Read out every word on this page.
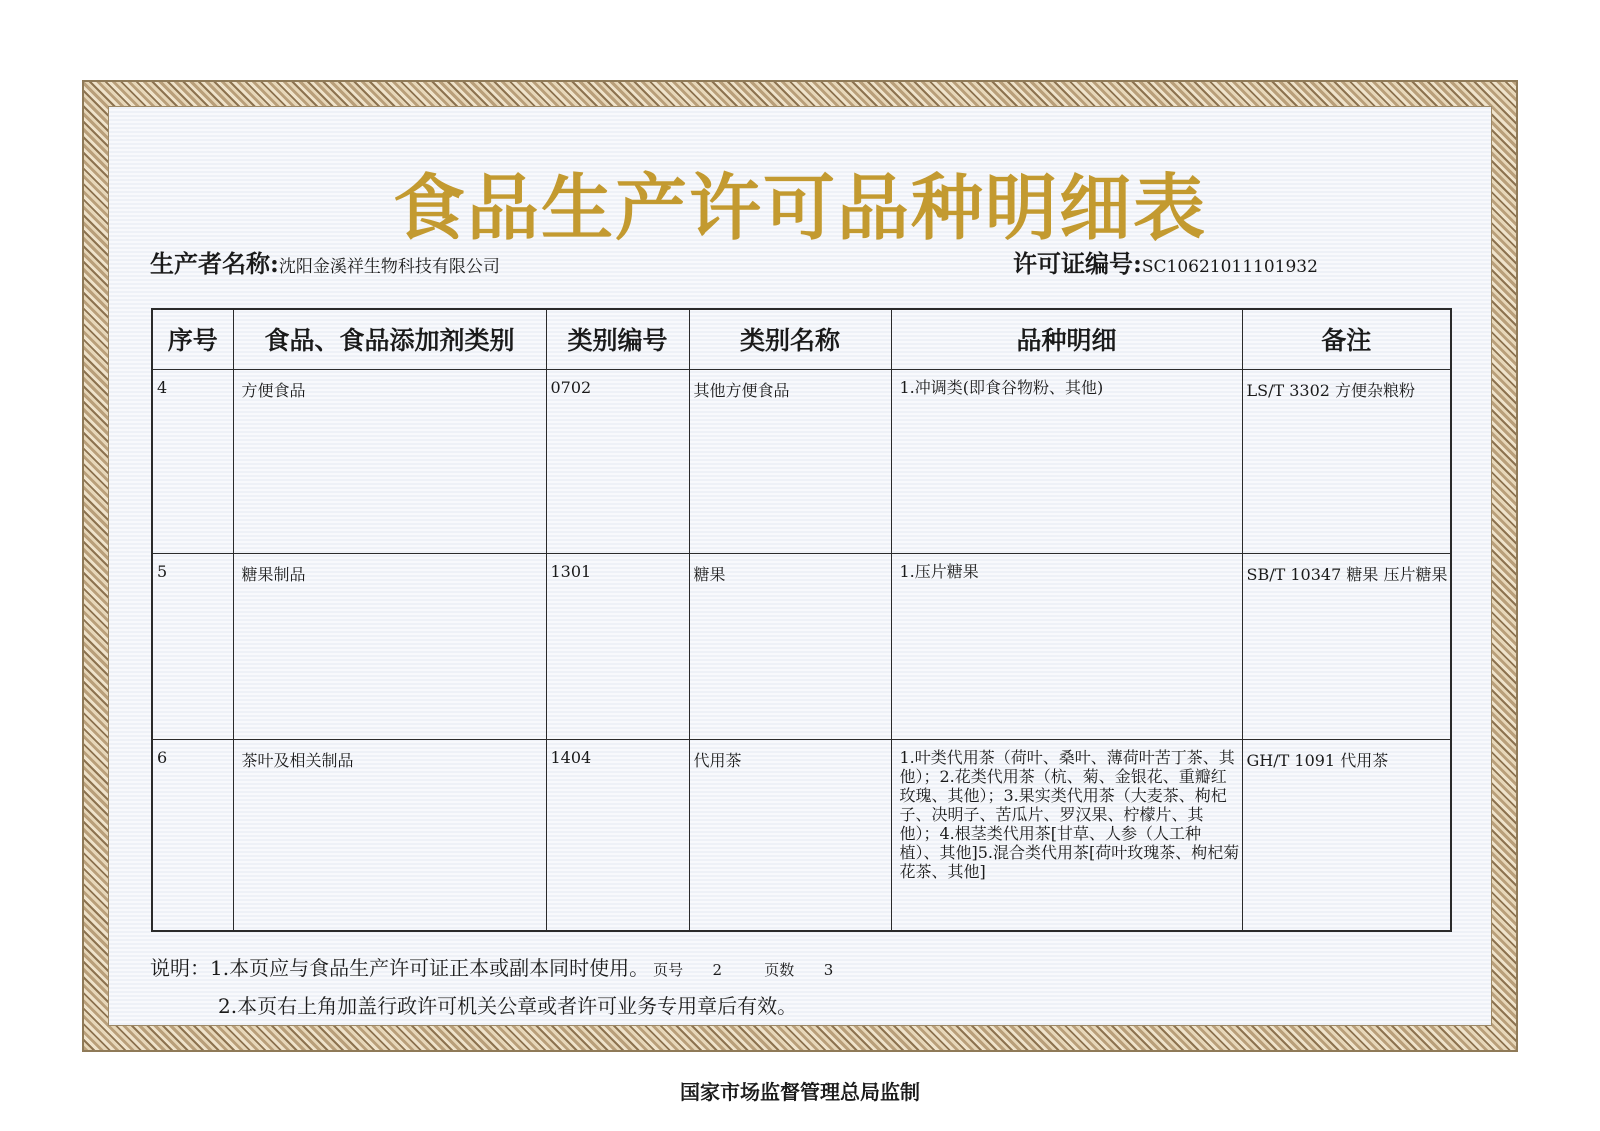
食品生产许可品种明细表
生产者名称:沈阳金溪祥生物科技有限公司	许可证编号:SC10621011101932
序号	食品、食品添加剂类别	类别编号	类别名称	品种明细	备注
4	方便食品	0702	其他方便食品	1.冲调类(即食谷物粉、其他)	LS/T 3302 方便杂粮粉
5	糖果制品	1301	糖果	1.压片糖果	SB/T 10347 糖果 压片糖果
6	茶叶及相关制品	1404	代用茶	1.叶类代用茶（荷叶、桑叶、薄荷叶苦丁茶、其他）；2.花类代用茶（杭、菊、金银花、重瓣红玫瑰、其他）；3.果实类代用茶（大麦茶、枸杞子、决明子、苦瓜片、罗汉果、柠檬片、其他）；4.根茎类代用茶[甘草、人参（人工种植）、其他]5.混合类代用茶[荷叶玫瑰茶、枸杞菊花茶、其他]	GH/T 1091 代用茶
说明：1.本页应与食品生产许可证正本或副本同时使用。 页号 2	页数 3
2.本页右上角加盖行政许可机关公章或者许可业务专用章后有效。
国家市场监督管理总局监制
